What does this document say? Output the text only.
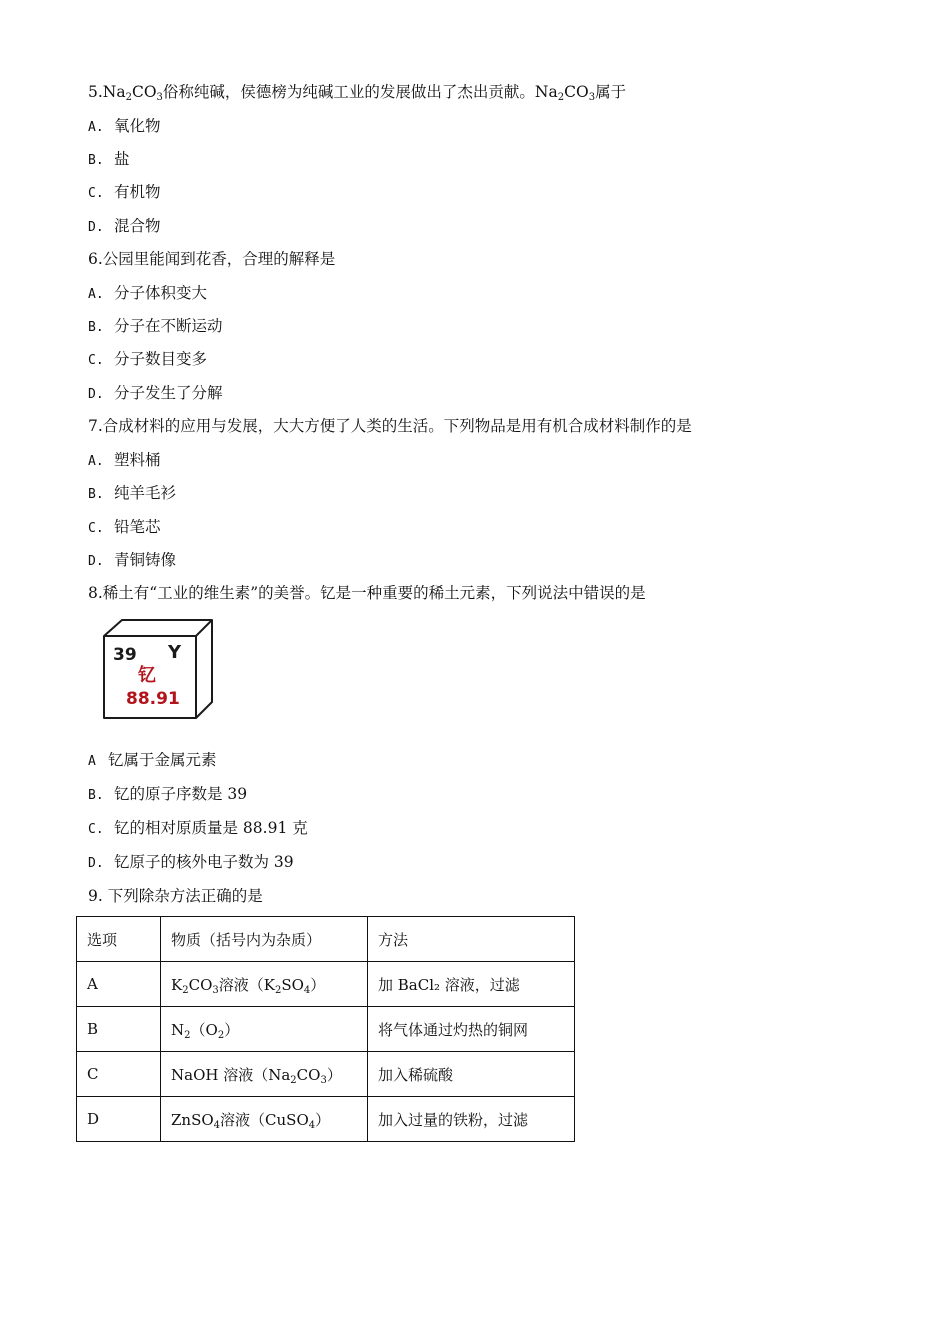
$5.Na_2CO_3$俗称纯碱，侯德榜为纯碱工业的发展做出了杰出贡献。$Na_2CO_3$属于
A. 氧化物
B. 盐
C. 有机物
D. 混合物
6.公园里能闻到花香，合理的解释是
A. 分子体积变大
B. 分子在不断运动
C. 分子数目变多
D. 分子发生了分解
7.合成材料的应用与发展，大大方便了人类的生活。下列物品是用有机合成材料制作的是
A. 塑料桶
B. 纯羊毛衫
C. 铅笔芯
D. 青铜铸像
8.稀土有“工业的维生素”的美誉。钇是一种重要的稀土元素，下列说法中错误的是
39 Y
钇
88.91
A 钇属于金属元素
B. 钇的原子序数是 39
C. 钇的相对原质量是 88.91 克
D. 钇原子的核外电子数为 39
9. 下列除杂方法正确的是
选项	物质（括号内为杂质）	方法
A	$K_2CO_3$溶液$(K_2SO_4)$	加 BaCl₂ 溶液，过滤
B	$N_2(O_2)$	将气体通过灼热的铜网
C	NaOH 溶液$(Na_2CO_3)$	加入稀硫酸
D	ZnSO$_4$溶液（CuSO$_4$）	加入过量的铁粉，过滤
